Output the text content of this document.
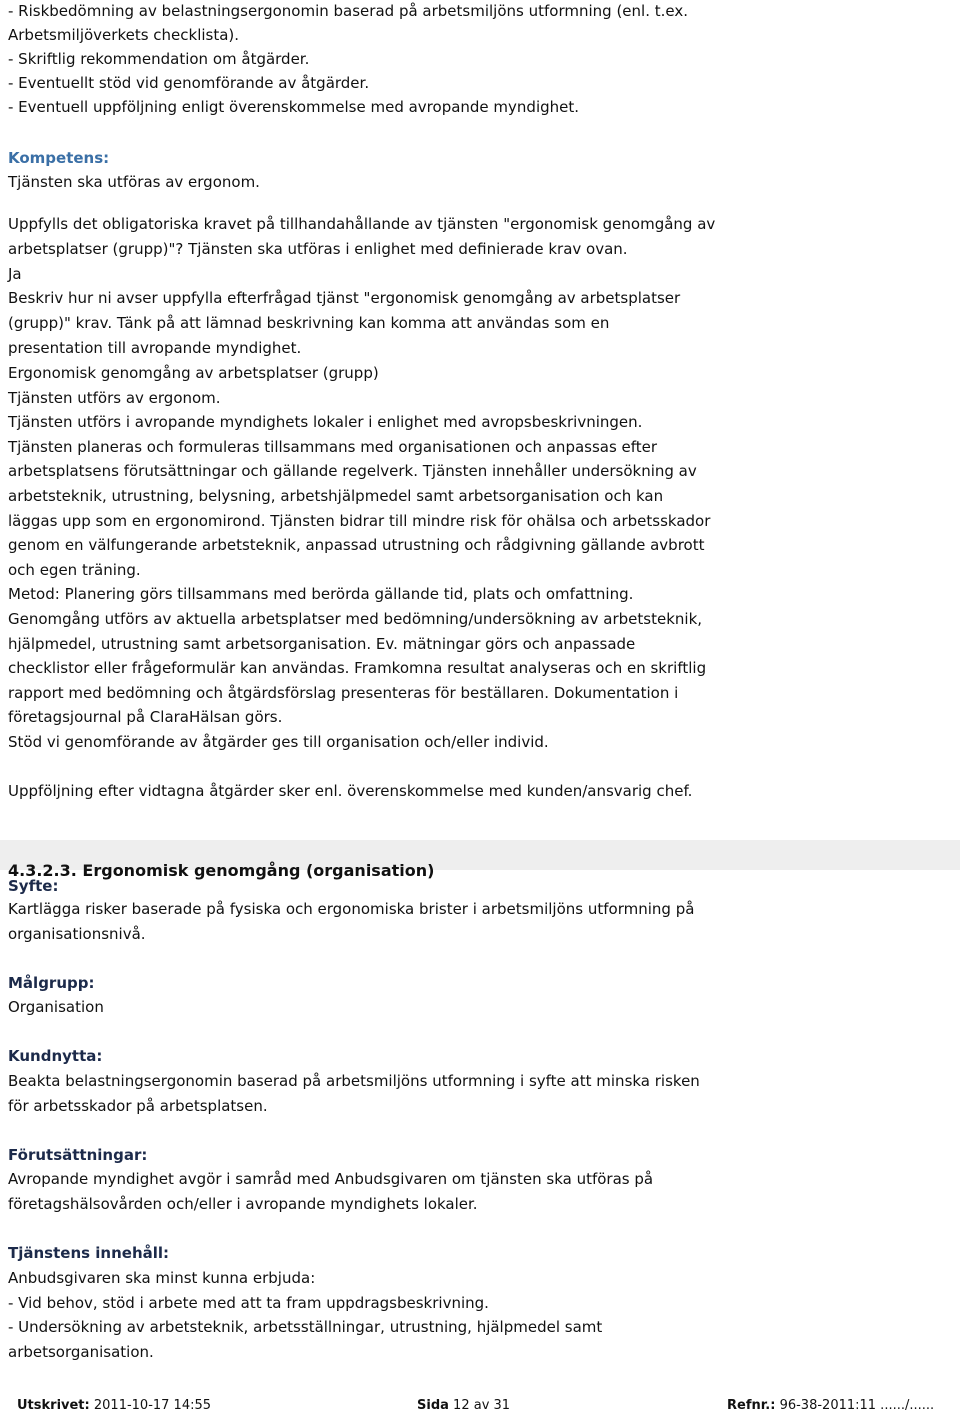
- Riskbedömning av belastningsergonomin baserad på arbetsmiljöns utformning (enl. t.ex.

Arbetsmiljöverkets checklista).

- Skriftlig rekommendation om åtgärder.

- Eventuellt stöd vid genomförande av åtgärder.

- Eventuell uppföljning enligt överenskommelse med avropande myndighet.

Kompetens:

Tjänsten ska utföras av ergonom.

Uppfylls det obligatoriska kravet på tillhandahållande av tjänsten "ergonomisk genomgång av

arbetsplatser (grupp)"? Tjänsten ska utföras i enlighet med definierade krav ovan.

Ja

Beskriv hur ni avser uppfylla efterfrågad tjänst "ergonomisk genomgång av arbetsplatser

(grupp)" krav. Tänk på att lämnad beskrivning kan komma att användas som en

presentation till avropande myndighet.

Ergonomisk genomgång av arbetsplatser (grupp)

Tjänsten utförs av ergonom.

Tjänsten utförs i avropande myndighets lokaler i enlighet med avropsbeskrivningen.

Tjänsten planeras och formuleras tillsammans med organisationen och anpassas efter

arbetsplatsens förutsättningar och gällande regelverk. Tjänsten innehåller undersökning av

arbetsteknik, utrustning, belysning, arbetshjälpmedel samt arbetsorganisation och kan

läggas upp som en ergonomirond. Tjänsten bidrar till mindre risk för ohälsa och arbetsskador

genom en välfungerande arbetsteknik, anpassad utrustning och rådgivning gällande avbrott

och egen träning.

Metod: Planering görs tillsammans med berörda gällande tid, plats och omfattning.

Genomgång utförs av aktuella arbetsplatser med bedömning/undersökning av arbetsteknik,

hjälpmedel, utrustning samt arbetsorganisation. Ev. mätningar görs och anpassade

checklistor eller frågeformulär kan användas. Framkomna resultat analyseras och en skriftlig

rapport med bedömning och åtgärdsförslag presenteras för beställaren. Dokumentation i

företagsjournal på ClaraHälsan görs.

Stöd vi genomförande av åtgärder ges till organisation och/eller individ.

Uppföljning efter vidtagna åtgärder sker enl. överenskommelse med kunden/ansvarig chef.

4.3.2.3. Ergonomisk genomgång (organisation)

Syfte:

Kartlägga risker baserade på fysiska och ergonomiska brister i arbetsmiljöns utformning på

organisationsnivå.

Målgrupp:

Organisation

Kundnytta:

Beakta belastningsergonomin baserad på arbetsmiljöns utformning i syfte att minska risken

för arbetsskador på arbetsplatsen.

Förutsättningar:

Avropande myndighet avgör i samråd med Anbudsgivaren om tjänsten ska utföras på

företagshälsovården och/eller i avropande myndighets lokaler.

Tjänstens innehåll:

Anbudsgivaren ska minst kunna erbjuda:

- Vid behov, stöd i arbete med att ta fram uppdragsbeskrivning.

- Undersökning av arbetsteknik, arbetsställningar, utrustning, hjälpmedel samt

arbetsorganisation.

Utskrivet: 2011-10-17 14:55	Sida 12 av 31	Refnr.: 96-38-2011:11 ....../......
